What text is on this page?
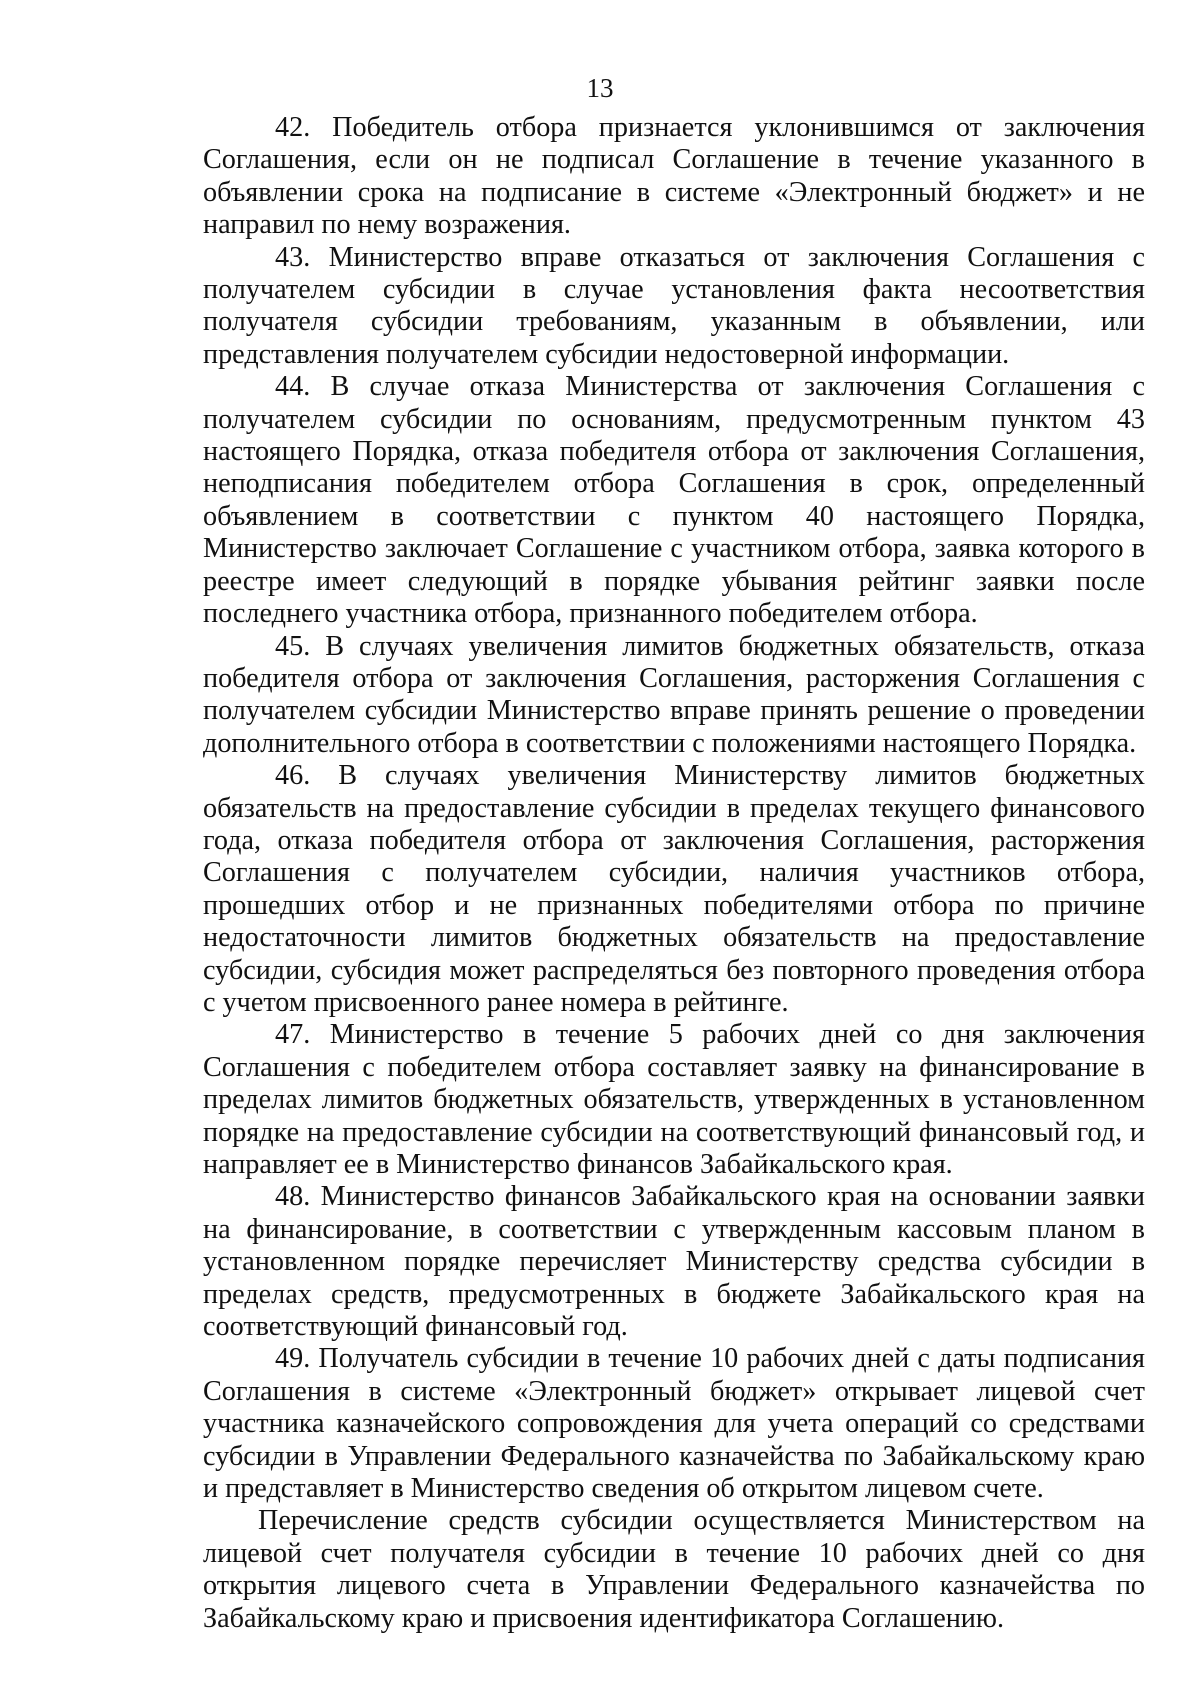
13

42. Победитель отбора признается уклонившимся от заключения Соглашения, если он не подписал Соглашение в течение указанного в объявлении срока на подписание в системе «Электронный бюджет» и не направил по нему возражения.

43. Министерство вправе отказаться от заключения Соглашения с получателем субсидии в случае установления факта несоответствия получателя субсидии требованиям, указанным в объявлении, или представления получателем субсидии недостоверной информации.

44. В случае отказа Министерства от заключения Соглашения с получателем субсидии по основаниям, предусмотренным пунктом 43 настоящего Порядка, отказа победителя отбора от заключения Соглашения, неподписания победителем отбора Соглашения в срок, определенный объявлением в соответствии с пунктом 40 настоящего Порядка, Министерство заключает Соглашение с участником отбора, заявка которого в реестре имеет следующий в порядке убывания рейтинг заявки после последнего участника отбора, признанного победителем отбора.

45. В случаях увеличения лимитов бюджетных обязательств, отказа победителя отбора от заключения Соглашения, расторжения Соглашения с получателем субсидии Министерство вправе принять решение о проведении дополнительного отбора в соответствии с положениями настоящего Порядка.

46. В случаях увеличения Министерству лимитов бюджетных обязательств на предоставление субсидии в пределах текущего финансового года, отказа победителя отбора от заключения Соглашения, расторжения Соглашения с получателем субсидии, наличия участников отбора, прошедших отбор и не признанных победителями отбора по причине недостаточности лимитов бюджетных обязательств на предоставление субсидии, субсидия может распределяться без повторного проведения отбора с учетом присвоенного ранее номера в рейтинге.

47. Министерство в течение 5 рабочих дней со дня заключения Соглашения с победителем отбора составляет заявку на финансирование в пределах лимитов бюджетных обязательств, утвержденных в установленном порядке на предоставление субсидии на соответствующий финансовый год, и направляет ее в Министерство финансов Забайкальского края.

48. Министерство финансов Забайкальского края на основании заявки на финансирование, в соответствии с утвержденным кассовым планом в установленном порядке перечисляет Министерству средства субсидии в пределах средств, предусмотренных в бюджете Забайкальского края на соответствующий финансовый год.

49. Получатель субсидии в течение 10 рабочих дней с даты подписания Соглашения в системе «Электронный бюджет» открывает лицевой счет участника казначейского сопровождения для учета операций со средствами субсидии в Управлении Федерального казначейства по Забайкальскому краю и представляет в Министерство сведения об открытом лицевом счете.

Перечисление средств субсидии осуществляется Министерством на лицевой счет получателя субсидии в течение 10 рабочих дней со дня открытия лицевого счета в Управлении Федерального казначейства по Забайкальскому краю и присвоения идентификатора Соглашению.
